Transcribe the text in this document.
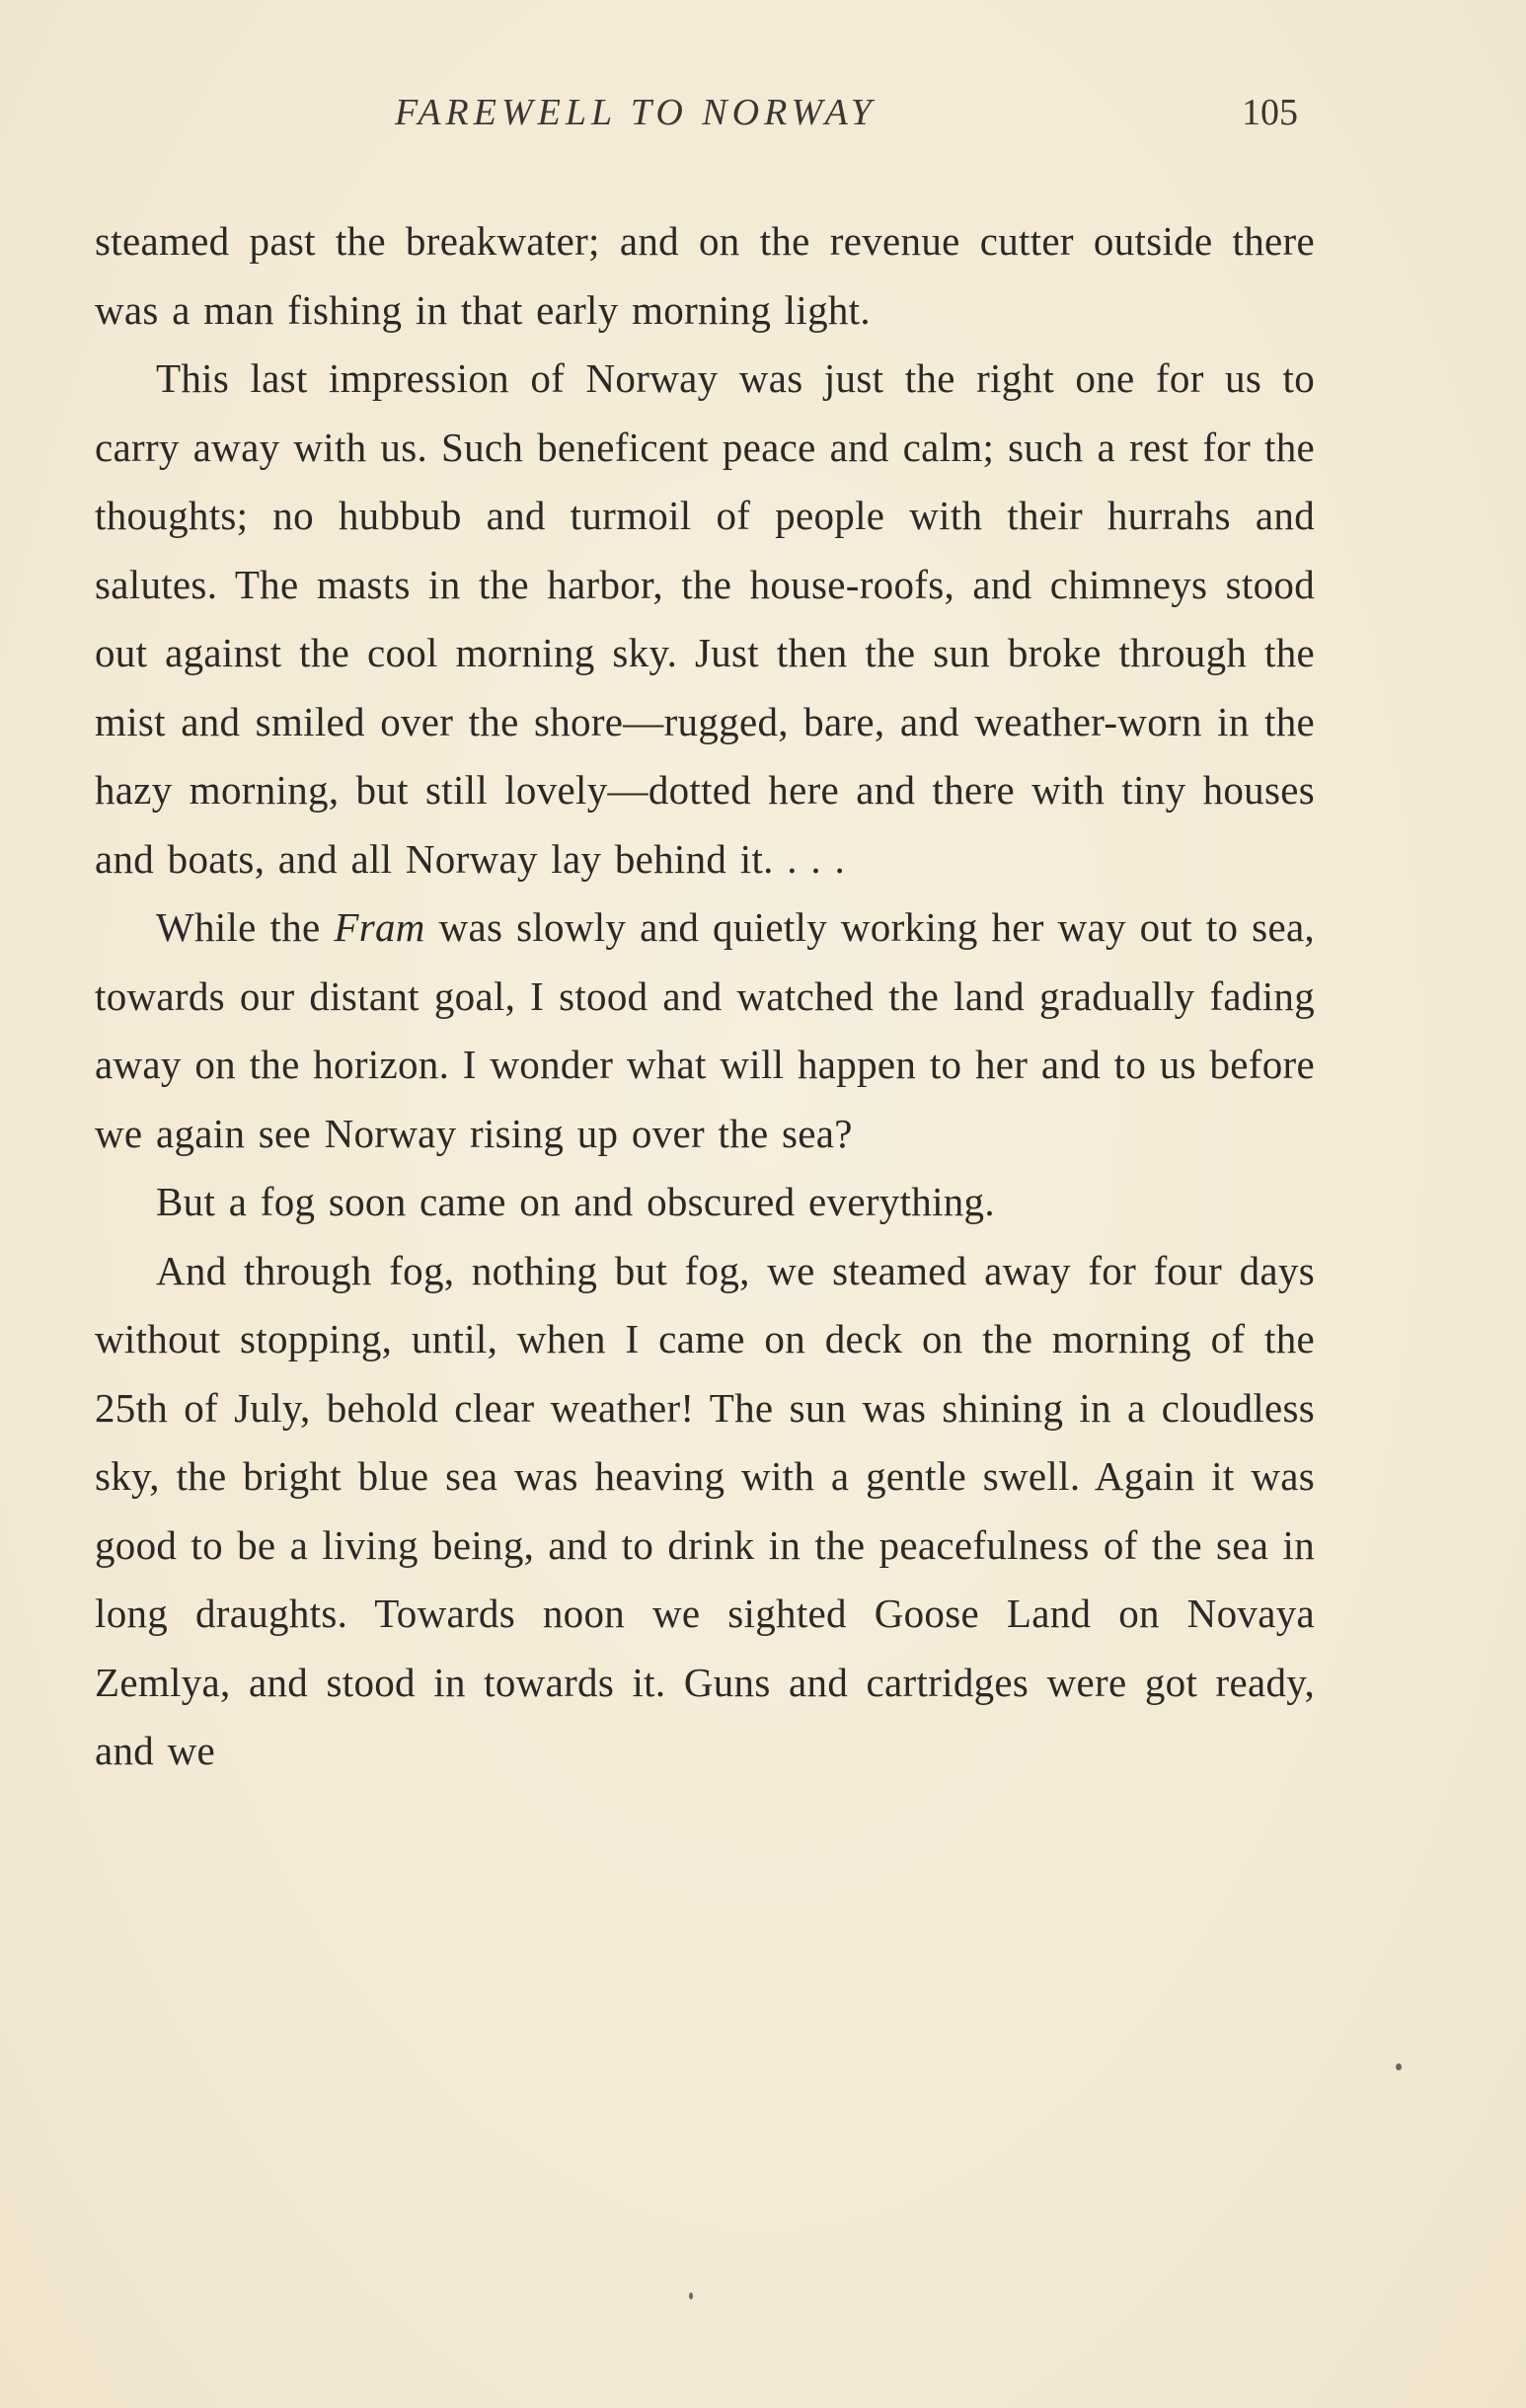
FAREWELL TO NORWAY	105

steamed past the breakwater; and on the revenue cutter outside there was a man fishing in that early morning light.

This last impression of Norway was just the right one for us to carry away with us. Such beneficent peace and calm; such a rest for the thoughts; no hubbub and turmoil of people with their hurrahs and salutes. The masts in the harbor, the house-roofs, and chimneys stood out against the cool morning sky. Just then the sun broke through the mist and smiled over the shore—rugged, bare, and weather-worn in the hazy morning, but still lovely—dotted here and there with tiny houses and boats, and all Norway lay behind it. . . .

While the Fram was slowly and quietly working her way out to sea, towards our distant goal, I stood and watched the land gradually fading away on the horizon. I wonder what will happen to her and to us before we again see Norway rising up over the sea?

But a fog soon came on and obscured everything.

And through fog, nothing but fog, we steamed away for four days without stopping, until, when I came on deck on the morning of the 25th of July, behold clear weather! The sun was shining in a cloudless sky, the bright blue sea was heaving with a gentle swell. Again it was good to be a living being, and to drink in the peacefulness of the sea in long draughts. Towards noon we sighted Goose Land on Novaya Zemlya, and stood in towards it. Guns and cartridges were got ready, and we
